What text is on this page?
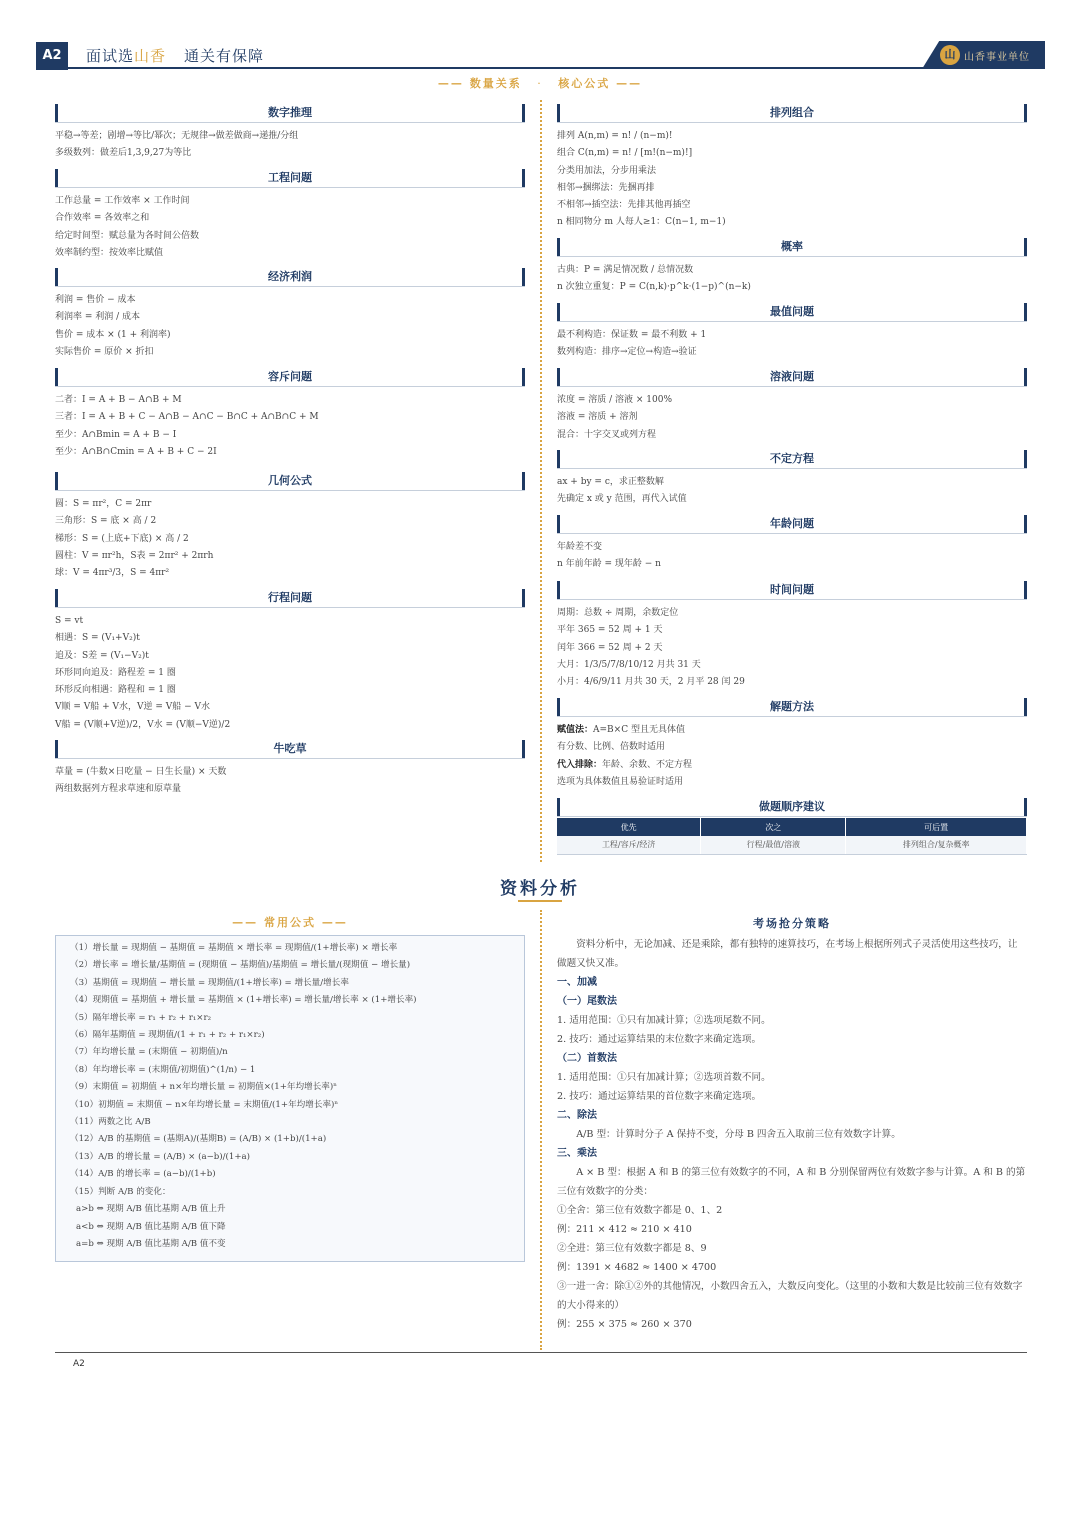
A2	面试选山香 通关有保障	山 山香事业单位
—— 数量关系 · 核心公式 ——
数字推理
平稳→等差；剧增→等比/幂次；无规律→做差做商→递推/分组
多级数列：做差后1,3,9,27为等比
工程问题
工作总量 = 工作效率 × 工作时间
合作效率 = 各效率之和
给定时间型：赋总量为各时间公倍数
效率制约型：按效率比赋值
经济利润
利润 = 售价 − 成本
利润率 = 利润 / 成本
售价 = 成本 × (1 + 利润率)
实际售价 = 原价 × 折扣
容斥问题
二者：I = A + B − A∩B + M
三者：I = A + B + C − A∩B − A∩C − B∩C + A∩B∩C + M
至少：A∩Bmin = A + B − I
至少：A∩B∩Cmin = A + B + C − 2I
几何公式
圆：S = πr²，C = 2πr
三角形：S = 底 × 高 / 2
梯形：S = (上底+下底) × 高 / 2
圆柱：V = πr²h，S表 = 2πr² + 2πrh
球：V = 4πr³/3，S = 4πr²
行程问题
S = vt
相遇：S = (V₁+V₂)t
追及：S差 = (V₁−V₂)t
环形同向追及：路程差 = 1 圈
环形反向相遇：路程和 = 1 圈
V顺 = V船 + V水，V逆 = V船 − V水
V船 = (V顺+V逆)/2，V水 = (V顺−V逆)/2
牛吃草
草量 = (牛数×日吃量 − 日生长量) × 天数
两组数据列方程求草速和原草量
排列组合
排列 A(n,m) = n! / (n−m)!
组合 C(n,m) = n! / [m!(n−m)!]
分类用加法，分步用乘法
相邻→捆绑法：先捆再排
不相邻→插空法：先排其他再插空
n 相同物分 m 人每人≥1：C(n−1, m−1)
概率
古典：P = 满足情况数 / 总情况数
n 次独立重复：P = C(n,k)·p^k·(1−p)^(n−k)
最值问题
最不利构造：保证数 = 最不利数 + 1
数列构造：排序→定位→构造→验证
溶液问题
浓度 = 溶质 / 溶液 × 100%
溶液 = 溶质 + 溶剂
混合：十字交叉或列方程
不定方程
ax + by = c，求正整数解
先确定 x 或 y 范围，再代入试值
年龄问题
年龄差不变
n 年前年龄 = 现年龄 − n
时间问题
周期：总数 ÷ 周期，余数定位
平年 365 = 52 周 + 1 天
闰年 366 = 52 周 + 2 天
大月：1/3/5/7/8/10/12 月共 31 天
小月：4/6/9/11 月共 30 天，2 月平 28 闰 29
解题方法
赋值法：A=B×C 型且无具体值
有分数、比例、倍数时适用
代入排除：年龄、余数、不定方程
选项为具体数值且易验证时适用
做题顺序建议
优先	次之	可后置
工程/容斥/经济	行程/最值/溶液	排列组合/复杂概率
资料分析
—— 常用公式 ——
（1）增长量 = 现期值 − 基期值 = 基期值 × 增长率 = 现期值/(1+增长率) × 增长率
（2）增长率 = 增长量/基期值 = (现期值 − 基期值)/基期值 = 增长量/(现期值 − 增长量)
（3）基期值 = 现期值 − 增长量 = 现期值/(1+增长率) = 增长量/增长率
（4）现期值 = 基期值 + 增长量 = 基期值 × (1+增长率) = 增长量/增长率 × (1+增长率)
（5）隔年增长率 = r₁ + r₂ + r₁×r₂
（6）隔年基期值 = 现期值/(1 + r₁ + r₂ + r₁×r₂)
（7）年均增长量 = (末期值 − 初期值)/n
（8）年均增长率 = (末期值/初期值)^(1/n) − 1
（9）末期值 = 初期值 + n×年均增长量 = 初期值×(1+年均增长率)ⁿ
（10）初期值 = 末期值 − n×年均增长量 = 末期值/(1+年均增长率)ⁿ
（11）两数之比 A/B
（12）A/B 的基期值 = (基期A)/(基期B) = (A/B) × (1+b)/(1+a)
（13）A/B 的增长量 = (A/B) × (a−b)/(1+a)
（14）A/B 的增长率 = (a−b)/(1+b)
（15）判断 A/B 的变化：
a>b ⇔ 现期 A/B 值比基期 A/B 值上升
a<b ⇔ 现期 A/B 值比基期 A/B 值下降
a=b ⇔ 现期 A/B 值比基期 A/B 值不变
考场抢分策略
资料分析中，无论加减、还是乘除，都有独特的速算技巧，在考场上根据所列式子灵活使用这些技巧，让做题又快又准。
一、加减
（一）尾数法
1. 适用范围：①只有加减计算；②选项尾数不同。
2. 技巧：通过运算结果的末位数字来确定选项。
（二）首数法
1. 适用范围：①只有加减计算；②选项首数不同。
2. 技巧：通过运算结果的首位数字来确定选项。
二、除法
A/B 型：计算时分子 A 保持不变，分母 B 四舍五入取前三位有效数字计算。
三、乘法
A × B 型：根据 A 和 B 的第三位有效数字的不同，A 和 B 分别保留两位有效数字参与计算。A 和 B 的第三位有效数字的分类：
①全舍：第三位有效数字都是 0、1、2
例：211 × 412 ≈ 210 × 410
②全进：第三位有效数字都是 8、9
例：1391 × 4682 ≈ 1400 × 4700
③一进一舍：除①②外的其他情况，小数四舍五入，大数反向变化。（这里的小数和大数是比较前三位有效数字的大小得来的）
例：255 × 375 ≈ 260 × 370
A2
